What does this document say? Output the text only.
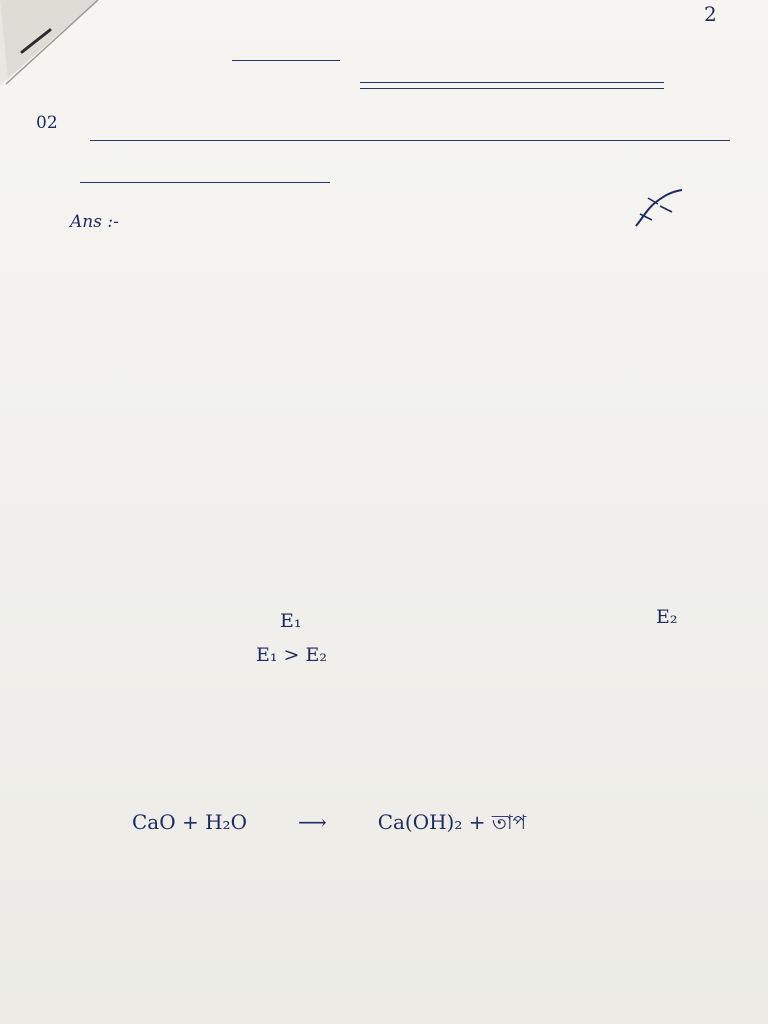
2
02
Ans :-
E₁	E₂
E₁ > E₂
CaO + H₂O	⟶	Ca(OH)₂ + তাপ
